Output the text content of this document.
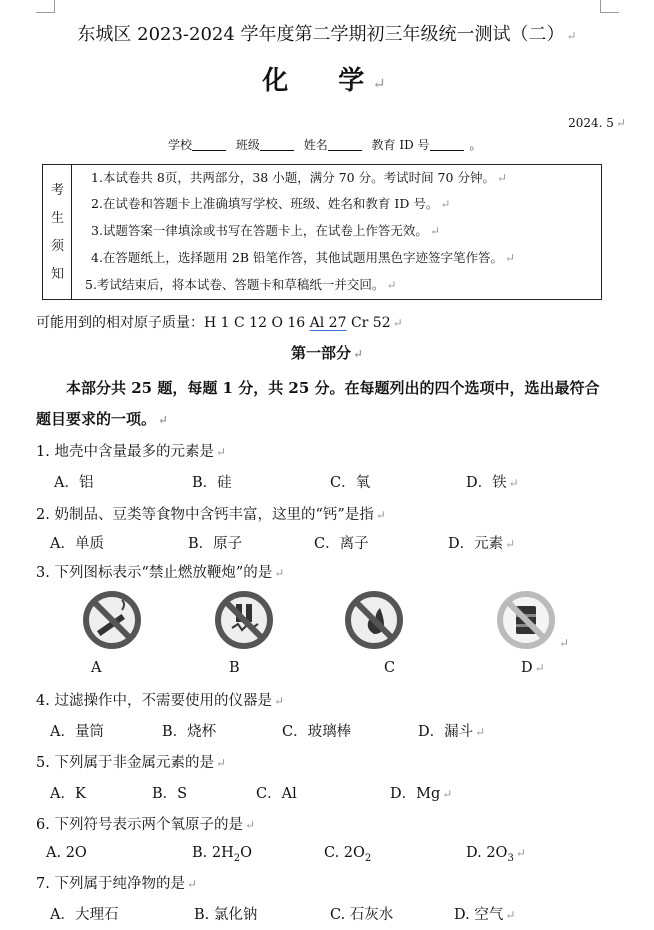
东城区 2023-2024 学年度第二学期初三年级统一测试（二） ↵
化 学 ↵
2024. 5 ↵
学校	班级	姓名	教育 ID 号	。
考
生
须
知
1.本试卷共 8页，共两部分，38 小题，满分 70 分。考试时间 70 分钟。 ↵
2.在试卷和答题卡上准确填写学校、班级、姓名和教育 ID 号。 ↵
3.试题答案一律填涂或书写在答题卡上，在试卷上作答无效。 ↵
4.在答题纸上，选择题用 2B 铅笔作答，其他试题用黑色字迹签字笔作答。 ↵
5.考试结束后，将本试卷、答题卡和草稿纸一并交回。 ↵
可能用到的相对原子质量：H 1 C 12 O 16 Al 27 Cr 52 ↵
第一部分 ↵
本部分共 25 题，每题 1 分，共 25 分。在每题列出的四个选项中，选出最符合
题目要求的一项。 ↵
1. 地壳中含量最多的元素是 ↵
A．铝	B．硅	C．氧	D．铁 ↵
2. 奶制品、豆类等食物中含钙丰富，这里的“钙”是指 ↵
A．单质	B．原子	C．离子	D．元素 ↵
3. 下列图标表示“禁止燃放鞭炮”的是 ↵
↵
A	B	C	D ↵
4. 过滤操作中，不需要使用的仪器是 ↵
A．量筒	B．烧杯	C．玻璃棒	D．漏斗 ↵
5. 下列属于非金属元素的是 ↵
A．K	B．S	C．Al	D．Mg ↵
6. 下列符号表示两个氧原子的是 ↵
A. 2O	B. $2H_2O$	C. $2O_2$	D. $2O_3$ ↵
7. 下列属于纯净物的是 ↵
A．大理石	B. 氯化钠	C. 石灰水	D. 空气 ↵
